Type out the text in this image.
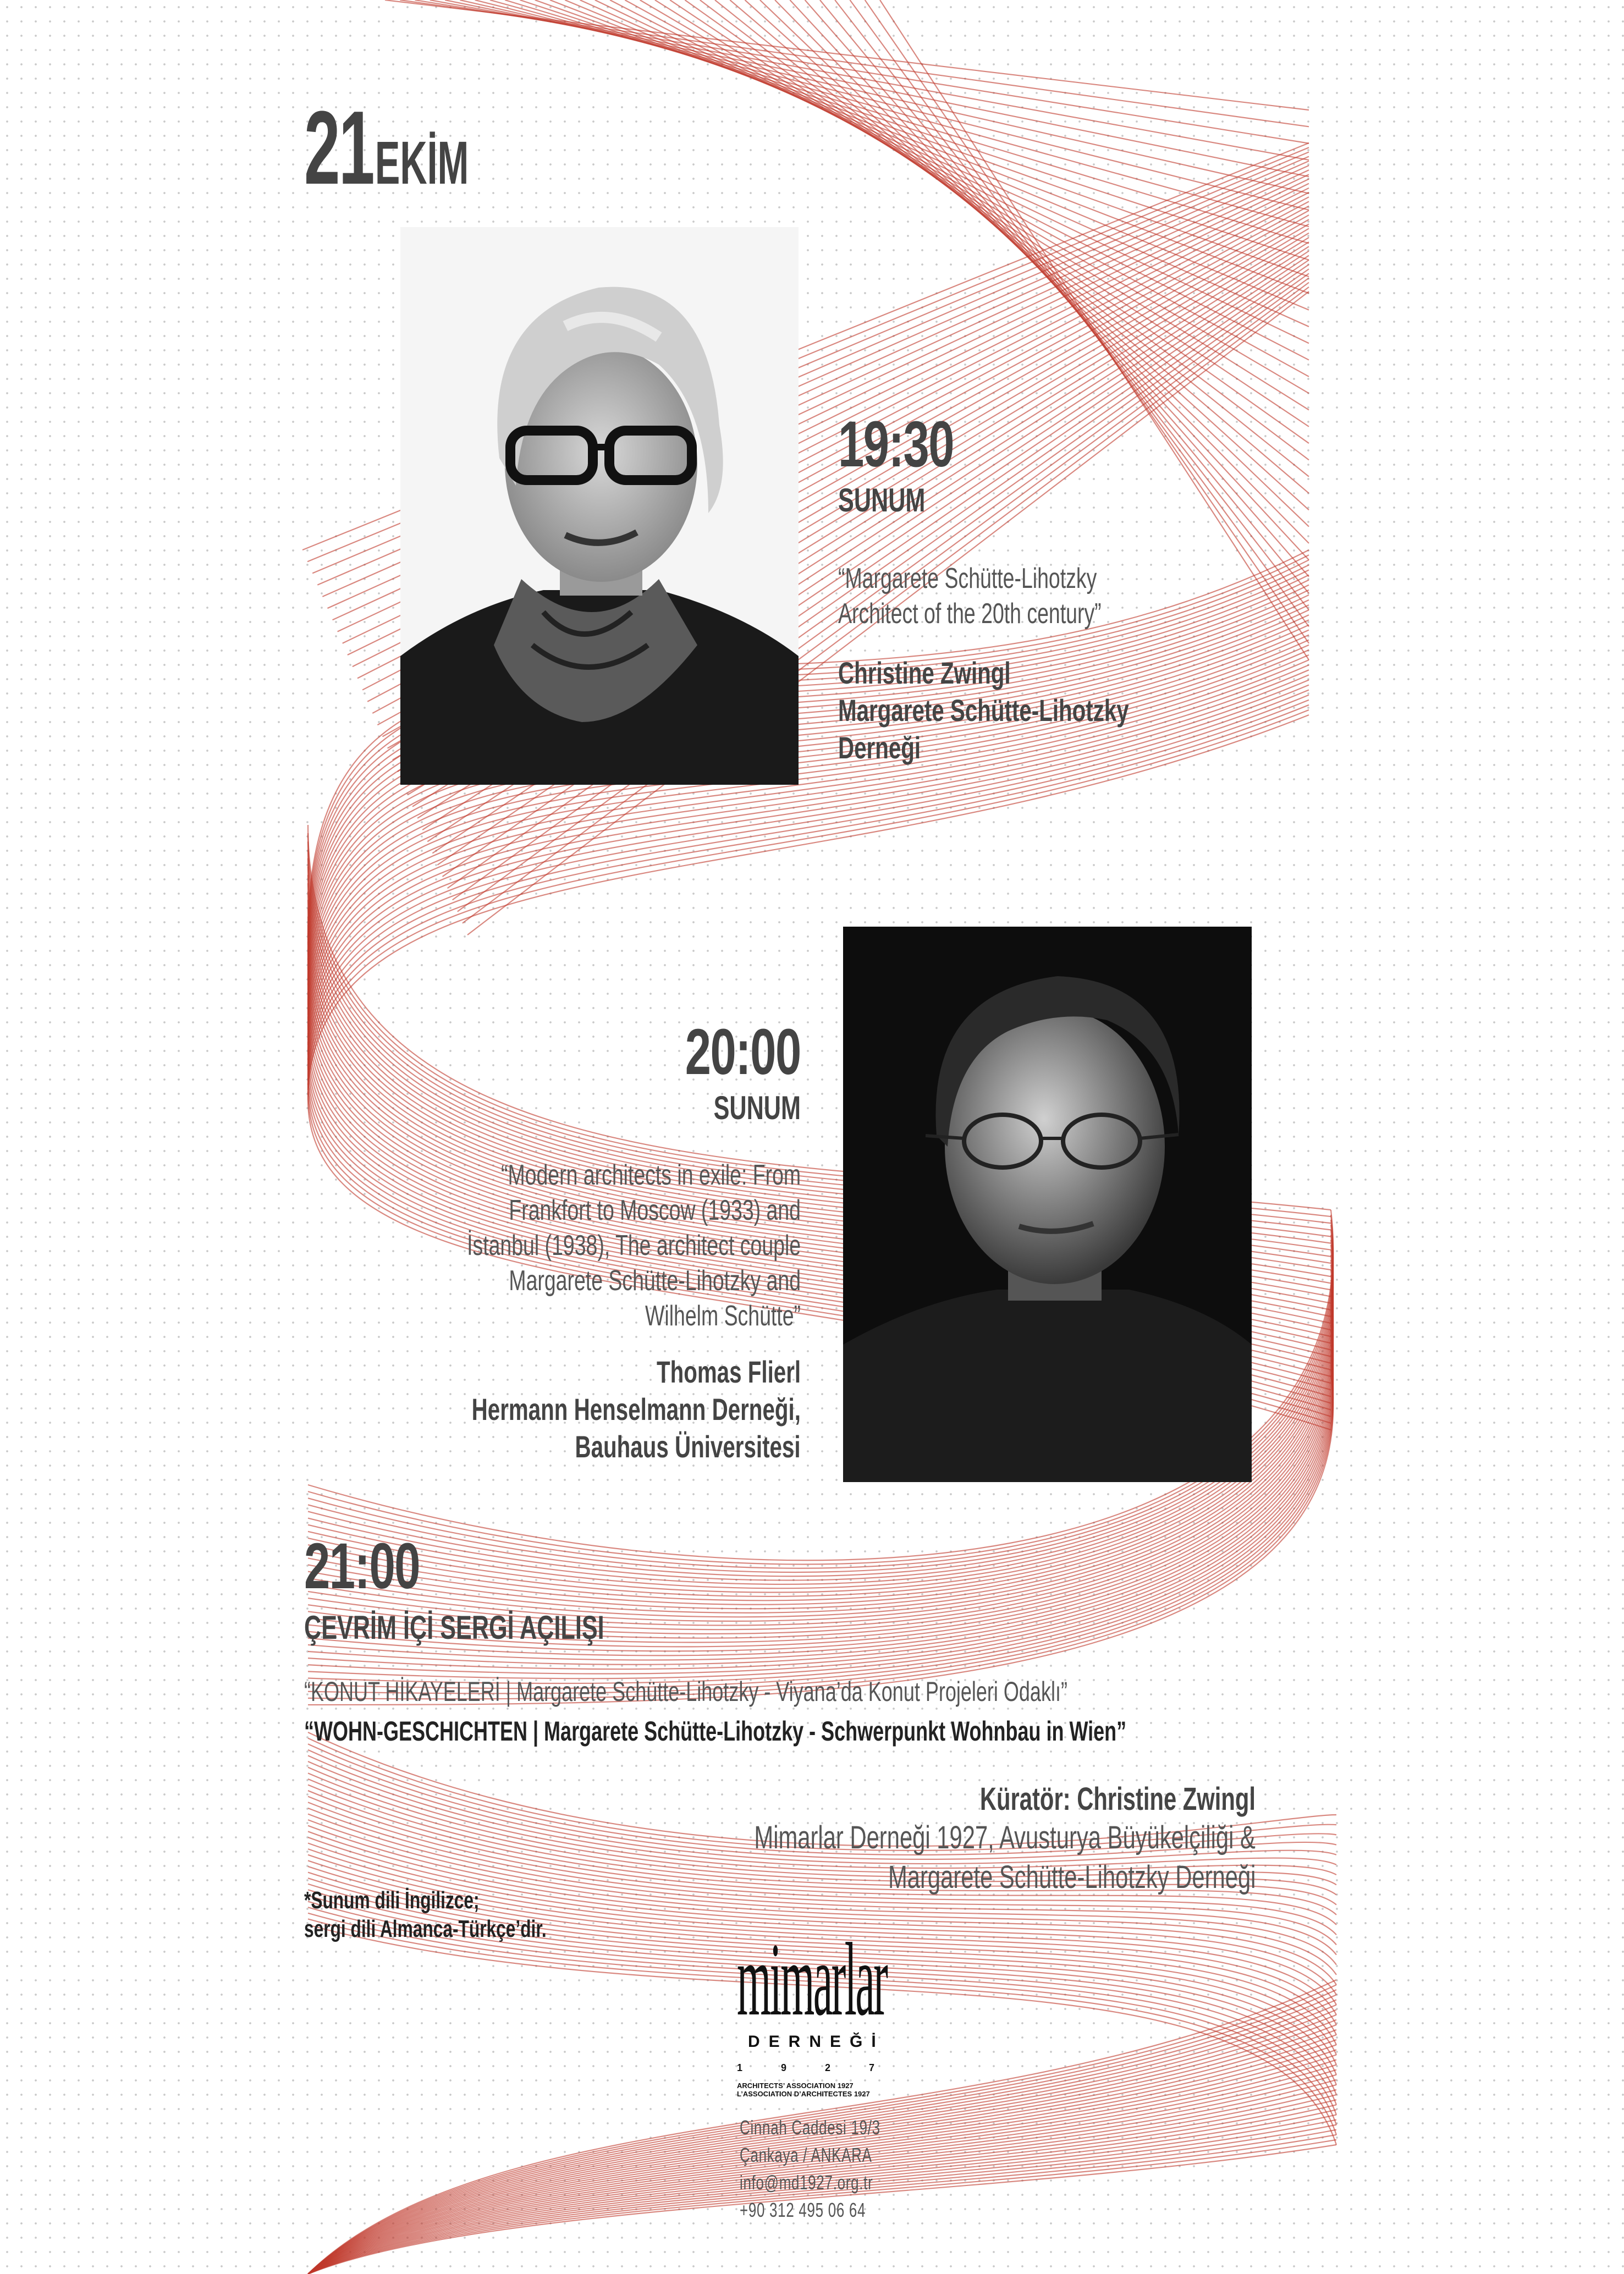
21 EKİM
19:30
SUNUM
“Margarete Schütte-Lihotzky
Architect of the 20th century”
Christine Zwingl
Margarete Schütte-Lihotzky
Derneği
20:00
SUNUM
“Modern architects in exile: From
Frankfort to Moscow (1933) and
İstanbul (1938), The architect couple
Margarete Schütte-Lihotzky and
Wilhelm Schütte”
Thomas Flierl
Hermann Henselmann Derneği,
Bauhaus Üniversitesi
21:00
ÇEVRİM İÇİ SERGİ AÇILIŞI
“KONUT HİKAYELERİ | Margarete Schütte-Lihotzky - Viyana’da Konut Projeleri Odaklı”
“WOHN-GESCHICHTEN | Margarete Schütte-Lihotzky - Schwerpunkt Wohnbau in Wien”
Küratör: Christine Zwingl
Mimarlar Derneği 1927, Avusturya Büyükelçiliği &
Margarete Schütte-Lihotzky Derneği
*Sunum dili İngilizce;
sergi dili Almanca-Türkçe’dir.	mimarlar
DERNEĞİ
1	9	2	7
ARCHITECTS’ ASSOCIATION 1927
L’ASSOCIATION D’ARCHITECTES 1927
Cinnah Caddesi 19/3
Çankaya / ANKARA
info@md1927.org.tr
+90 312 495 06 64
